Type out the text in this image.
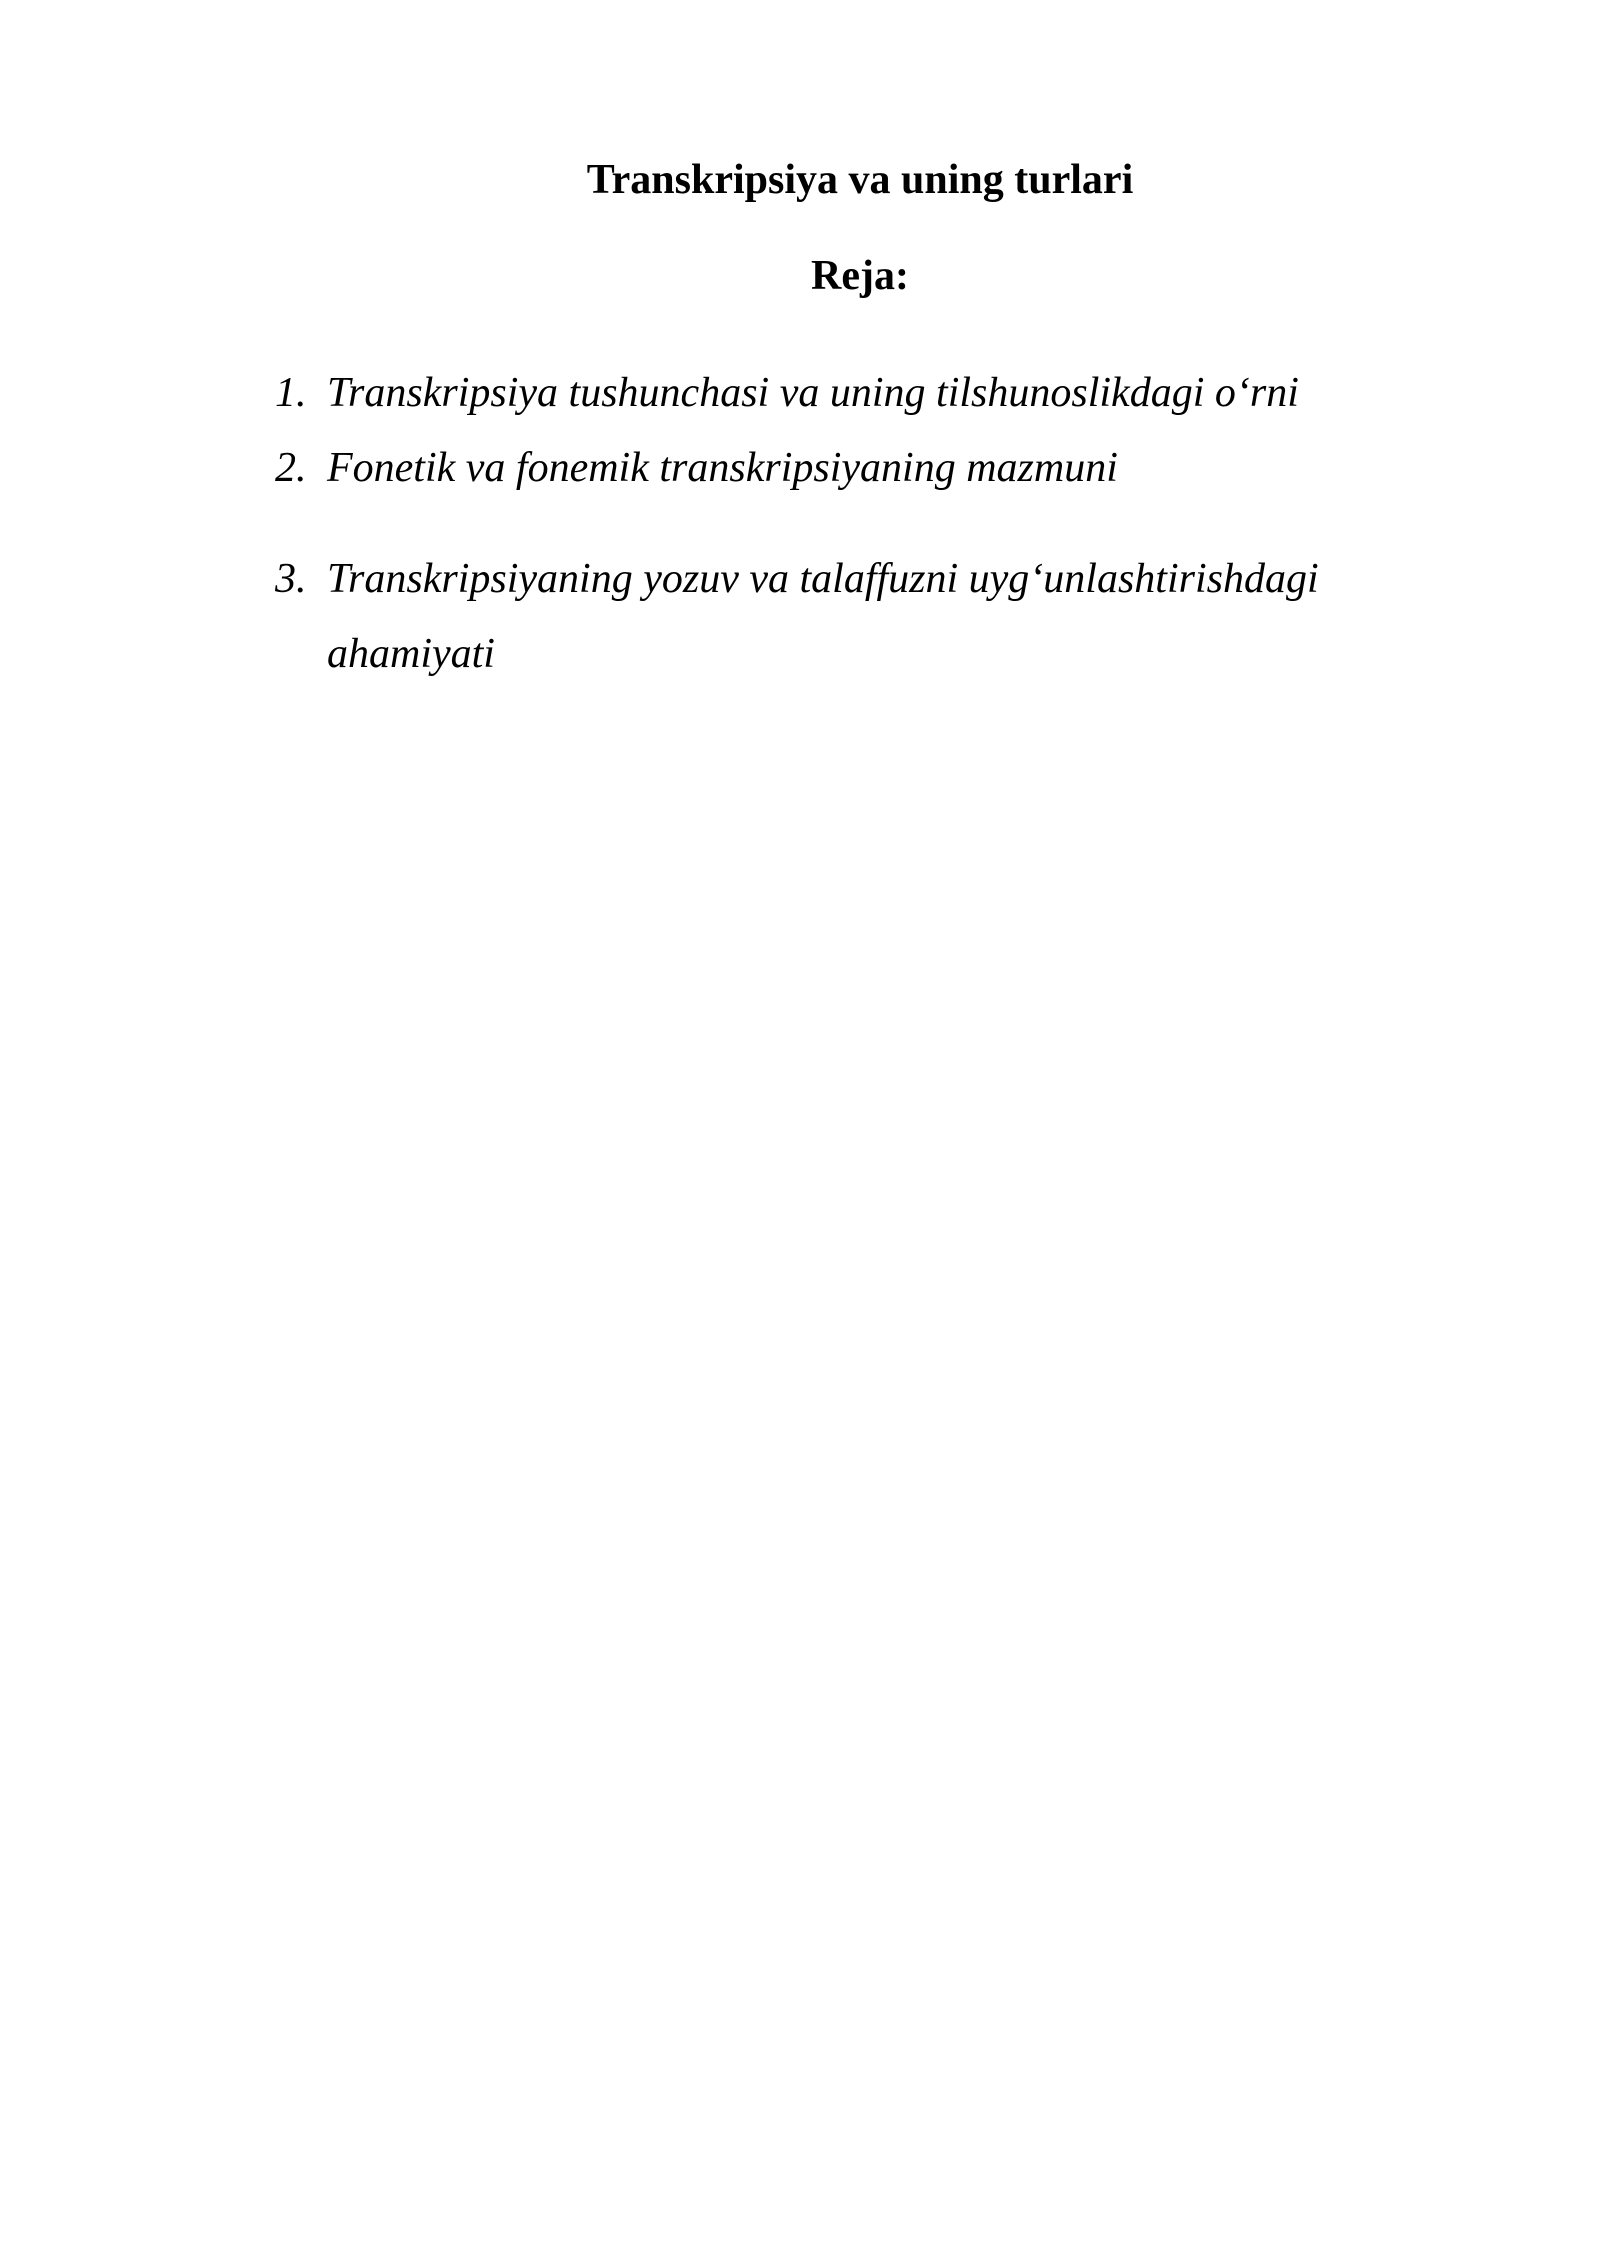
Transkripsiya va uning turlari
Reja:
1. Transkripsiya tushunchasi va uning tilshunoslikdagi o‘rni
2. Fonetik va fonemik transkripsiyaning mazmuni
3. Transkripsiyaning yozuv va talaffuzni uyg‘unlashtirishdagi ahamiyati
